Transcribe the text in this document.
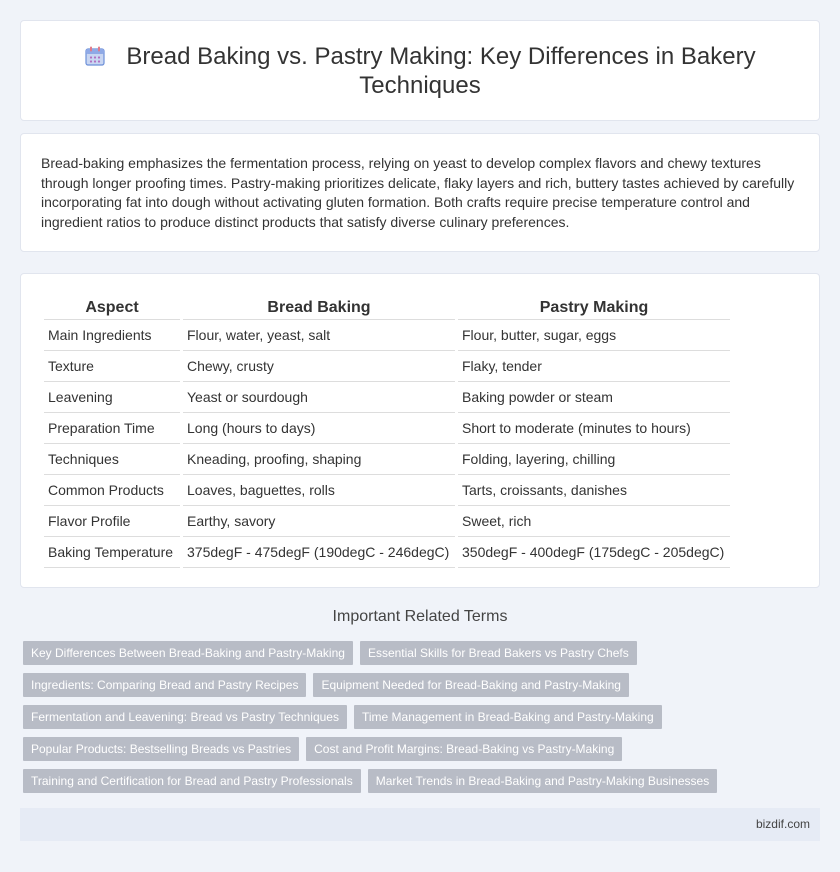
Bread Baking vs. Pastry Making: Key Differences in Bakery Techniques

Bread-baking emphasizes the fermentation process, relying on yeast to develop complex flavors and chewy textures through longer proofing times. Pastry-making prioritizes delicate, flaky layers and rich, buttery tastes achieved by carefully incorporating fat into dough without activating gluten formation. Both crafts require precise temperature control and ingredient ratios to produce distinct products that satisfy diverse culinary preferences.

Aspect	Bread Baking	Pastry Making
Main Ingredients	Flour, water, yeast, salt	Flour, butter, sugar, eggs
Texture	Chewy, crusty	Flaky, tender
Leavening	Yeast or sourdough	Baking powder or steam
Preparation Time	Long (hours to days)	Short to moderate (minutes to hours)
Techniques	Kneading, proofing, shaping	Folding, layering, chilling
Common Products	Loaves, baguettes, rolls	Tarts, croissants, danishes
Flavor Profile	Earthy, savory	Sweet, rich
Baking Temperature	375degF - 475degF (190degC - 246degC)	350degF - 400degF (175degC - 205degC)
Important Related Terms
Key Differences Between Bread-Baking and Pastry-Making	Essential Skills for Bread Bakers vs Pastry Chefs
Ingredients: Comparing Bread and Pastry Recipes	Equipment Needed for Bread-Baking and Pastry-Making
Fermentation and Leavening: Bread vs Pastry Techniques	Time Management in Bread-Baking and Pastry-Making
Popular Products: Bestselling Breads vs Pastries	Cost and Profit Margins: Bread-Baking vs Pastry-Making
Training and Certification for Bread and Pastry Professionals	Market Trends in Bread-Baking and Pastry-Making Businesses
bizdif.com
